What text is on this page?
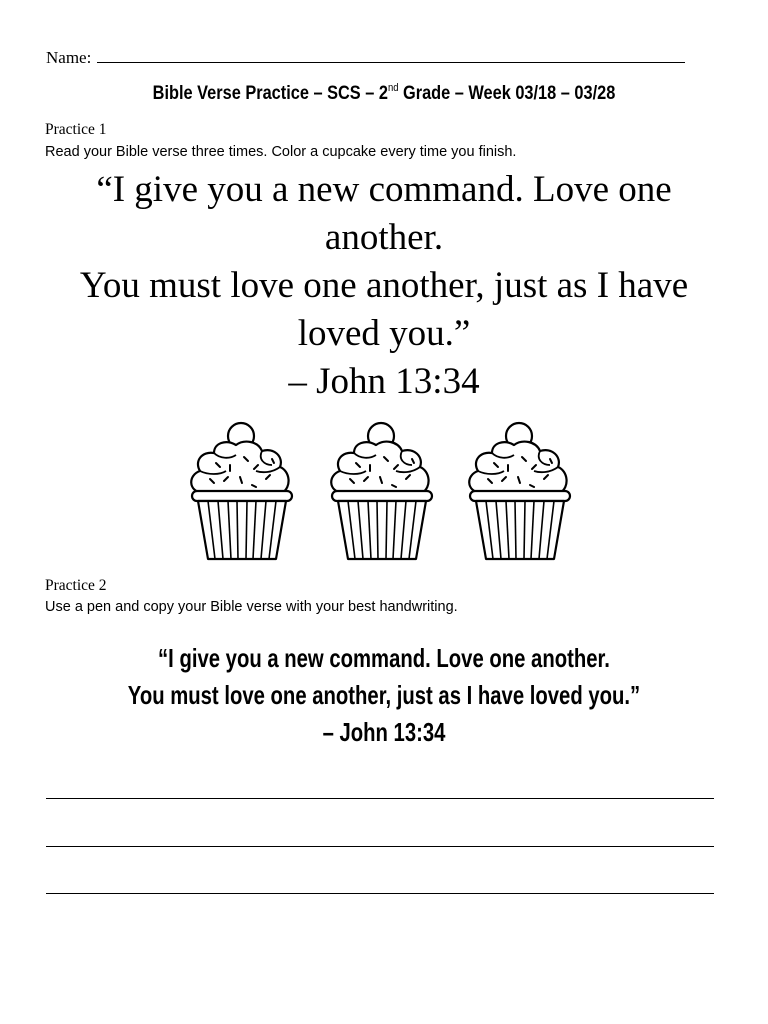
Name:
Bible Verse Practice – SCS – 2nd Grade – Week 03/18 – 03/28
Practice 1
Read your Bible verse three times. Color a cupcake every time you finish.
“I give you a new command. Love one
another.
You must love one another, just as I have
loved you.”
– John 13:34
Practice 2
Use a pen and copy your Bible verse with your best handwriting.
“I give you a new command. Love one another.
You must love one another, just as I have loved you.”
– John 13:34
